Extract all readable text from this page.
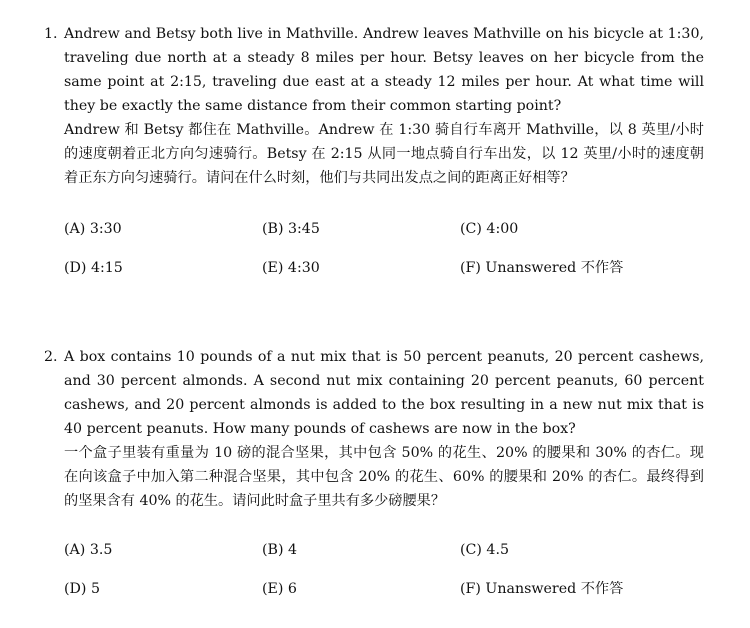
1. Andrew and Betsy both live in Mathville. Andrew leaves Mathville on his bicycle at 1:30, traveling due north at a steady 8 miles per hour. Betsy leaves on her bicycle from the same point at 2:15, traveling due east at a steady 12 miles per hour. At what time will they be exactly the same distance from their common starting point?
Andrew 和 Betsy 都住在 Mathville。Andrew 在 1:30 骑自行车离开 Mathville，以 8 英里/小时的速度朝着正北方向匀速骑行。Betsy 在 2:15 从同一地点骑自行车出发，以 12 英里/小时的速度朝着正东方向匀速骑行。请问在什么时刻，他们与共同出发点之间的距离正好相等？
(A) 3:30	(B) 3:45	(C) 4:00
(D) 4:15	(E) 4:30	(F) Unanswered 不作答
2. A box contains 10 pounds of a nut mix that is 50 percent peanuts, 20 percent cashews, and 30 percent almonds. A second nut mix containing 20 percent peanuts, 60 percent cashews, and 20 percent almonds is added to the box resulting in a new nut mix that is 40 percent peanuts. How many pounds of cashews are now in the box?
一个盒子里装有重量为 10 磅的混合坚果，其中包含 50% 的花生、20% 的腰果和 30% 的杏仁。现在向该盒子中加入第二种混合坚果，其中包含 20% 的花生、60% 的腰果和 20% 的杏仁。最终得到的坚果含有 40% 的花生。请问此时盒子里共有多少磅腰果？
(A) 3.5	(B) 4	(C) 4.5
(D) 5	(E) 6	(F) Unanswered 不作答
